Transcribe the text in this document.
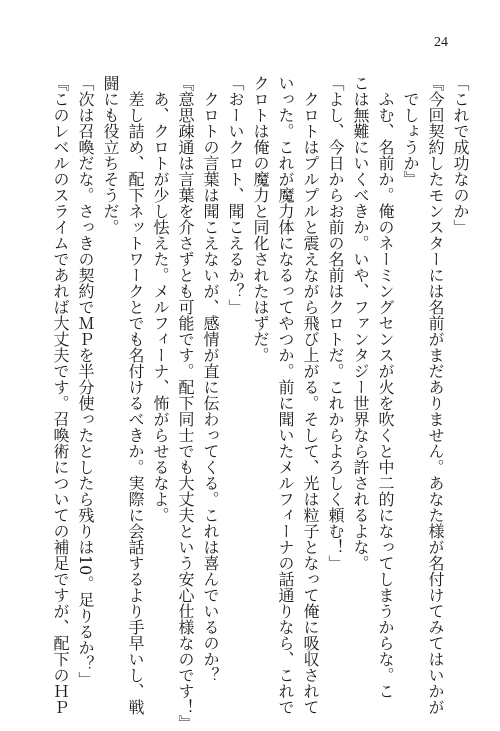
24
「これで成功なのか」
『今回契約したモンスターには名前がまだありません。あなた様が名付けてみてはいかが
でしょうか』
ふむ、名前か。俺のネーミングセンスが火を吹くと中二的になってしまうからな。こ
こは無難にいくべきか。いや、ファンタジー世界なら許されるよな。
「よし、今日からお前の名前はクロトだ。これからよろしく頼む！」
クロトはプルプルと震えながら飛び上がる。そして、光は粒子となって俺に吸収されて
いった。これが魔力体になるってやつか。前に聞いたメルフィーナの話通りなら、これで
クロトは俺の魔力と同化されたはずだ。
「おーいクロト、聞こえるか？」
クロトの言葉は聞こえないが、感情が直に伝わってくる。これは喜んでいるのか？
『意思疎通は言葉を介さずとも可能です。配下同士でも大丈夫という安心仕様なのです！』
あ、クロトが少し怯えた。メルフィーナ、怖がらせるなよ。
差し詰め、配下ネットワークとでも名付けるべきか。実際に会話するより手早いし、戦
闘にも役立ちそうだ。
「次は召喚だな。さっきの契約でＭＰを半分使ったとしたら残りは10。足りるか？」
『このレベルのスライムであれば大丈夫です。召喚術についての補足ですが、配下のＨＰ
